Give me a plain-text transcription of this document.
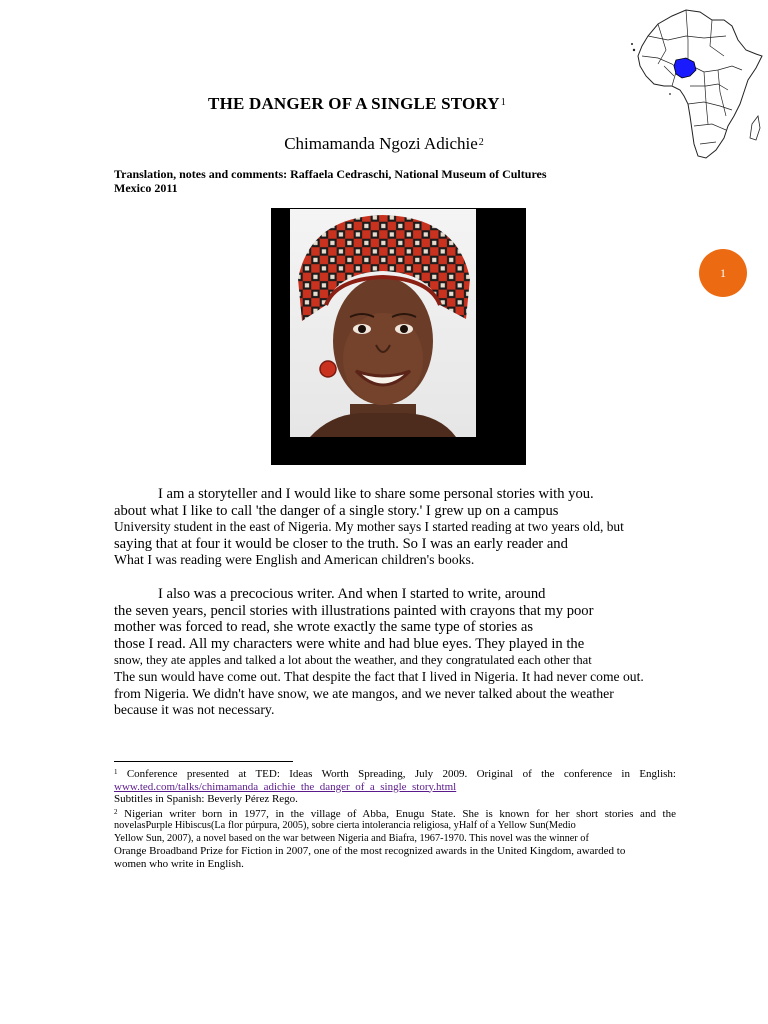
THE DANGER OF A SINGLE STORY$^1$
Chimamanda Ngozi Adichie$^2$
Translation, notes and comments: Raffaela Cedraschi, National Museum of Cultures
Mexico 2011
1
I am a storyteller and I would like to share some personal stories with you.
about what I like to call 'the danger of a single story.' I grew up on a campus
University student in the east of Nigeria. My mother says I started reading at two years old, but
saying that at four it would be closer to the truth. So I was an early reader and
What I was reading were English and American children's books.
I also was a precocious writer. And when I started to write, around
the seven years, pencil stories with illustrations painted with crayons that my poor
mother was forced to read, she wrote exactly the same type of stories as
those I read. All my characters were white and had blue eyes. They played in the
snow, they ate apples and talked a lot about the weather, and they congratulated each other that
The sun would have come out. That despite the fact that I lived in Nigeria. It had never come out.
from Nigeria. We didn't have snow, we ate mangos, and we never talked about the weather
because it was not necessary.
$^1$ Conference presented at TED: Ideas Worth Spreading, July 2009. Original of the conference in English:
www.ted.com/talks/chimamanda_adichie_the_danger_of_a_single_story.html
Subtitles in Spanish: Beverly Pérez Rego.
$^2$ Nigerian writer born in 1977, in the village of Abba, Enugu State. She is known for her short stories and the
novelasPurple Hibiscus(La flor púrpura, 2005), sobre cierta intolerancia religiosa, yHalf of a Yellow Sun(Medio
Yellow Sun, 2007), a novel based on the war between Nigeria and Biafra, 1967-1970. This novel was the winner of
Orange Broadband Prize for Fiction in 2007, one of the most recognized awards in the United Kingdom, awarded to
women who write in English.
